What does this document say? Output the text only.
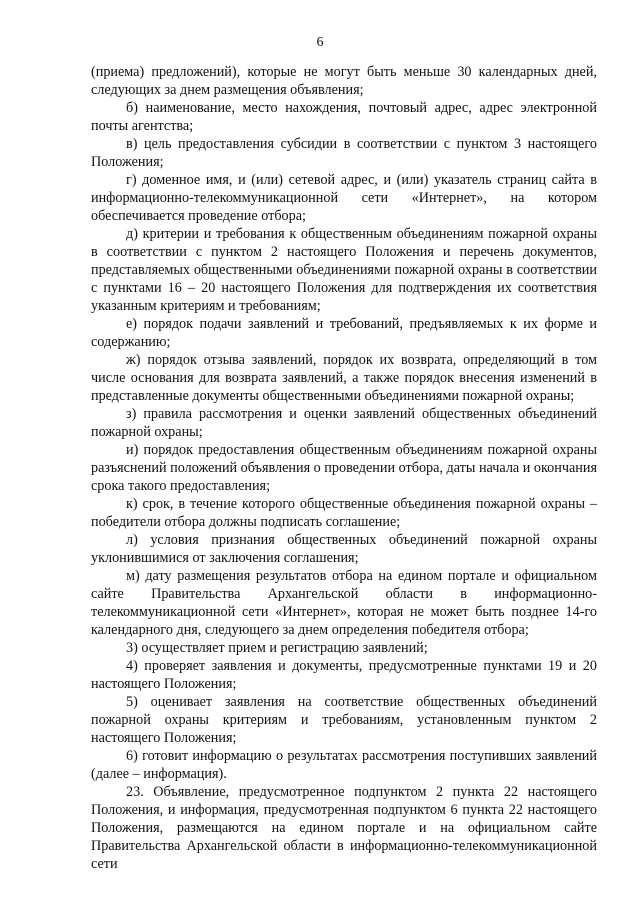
6

(приема) предложений), которые не могут быть меньше 30 календарных дней, следующих за днем размещения объявления;

б) наименование, место нахождения, почтовый адрес, адрес электронной почты агентства;

в) цель предоставления субсидии в соответствии с пунктом 3 настоящего Положения;

г) доменное имя, и (или) сетевой адрес, и (или) указатель страниц сайта в информационно-телекоммуникационной сети «Интернет», на котором обеспечивается проведение отбора;

д) критерии и требования к общественным объединениям пожарной охраны в соответствии с пунктом 2 настоящего Положения и перечень документов, представляемых общественными объединениями пожарной охраны в соответствии с пунктами 16 – 20 настоящего Положения для подтверждения их соответствия указанным критериям и требованиям;

е) порядок подачи заявлений и требований, предъявляемых к их форме и содержанию;

ж) порядок отзыва заявлений, порядок их возврата, определяющий в том числе основания для возврата заявлений, а также порядок внесения изменений в представленные документы общественными объединениями пожарной охраны;

з) правила рассмотрения и оценки заявлений общественных объединений пожарной охраны;

и) порядок предоставления общественным объединениям пожарной охраны разъяснений положений объявления о проведении отбора, даты начала и окончания срока такого предоставления;

к) срок, в течение которого общественные объединения пожарной охраны – победители отбора должны подписать соглашение;

л) условия признания общественных объединений пожарной охраны уклонившимися от заключения соглашения;

м) дату размещения результатов отбора на едином портале и официальном сайте Правительства Архангельской области в информационно-телекоммуникационной сети «Интернет», которая не может быть позднее 14-го календарного дня, следующего за днем определения победителя отбора;

3) осуществляет прием и регистрацию заявлений;

4) проверяет заявления и документы, предусмотренные пунктами 19 и 20 настоящего Положения;

5) оценивает заявления на соответствие общественных объединений пожарной охраны критериям и требованиям, установленным пунктом 2 настоящего Положения;

6) готовит информацию о результатах рассмотрения поступивших заявлений (далее – информация).

23. Объявление, предусмотренное подпунктом 2 пункта 22 настоящего Положения, и информация, предусмотренная подпунктом 6 пункта 22 настоящего Положения, размещаются на едином портале и на официальном сайте Правительства Архангельской области в информационно-телекоммуникационной сети
